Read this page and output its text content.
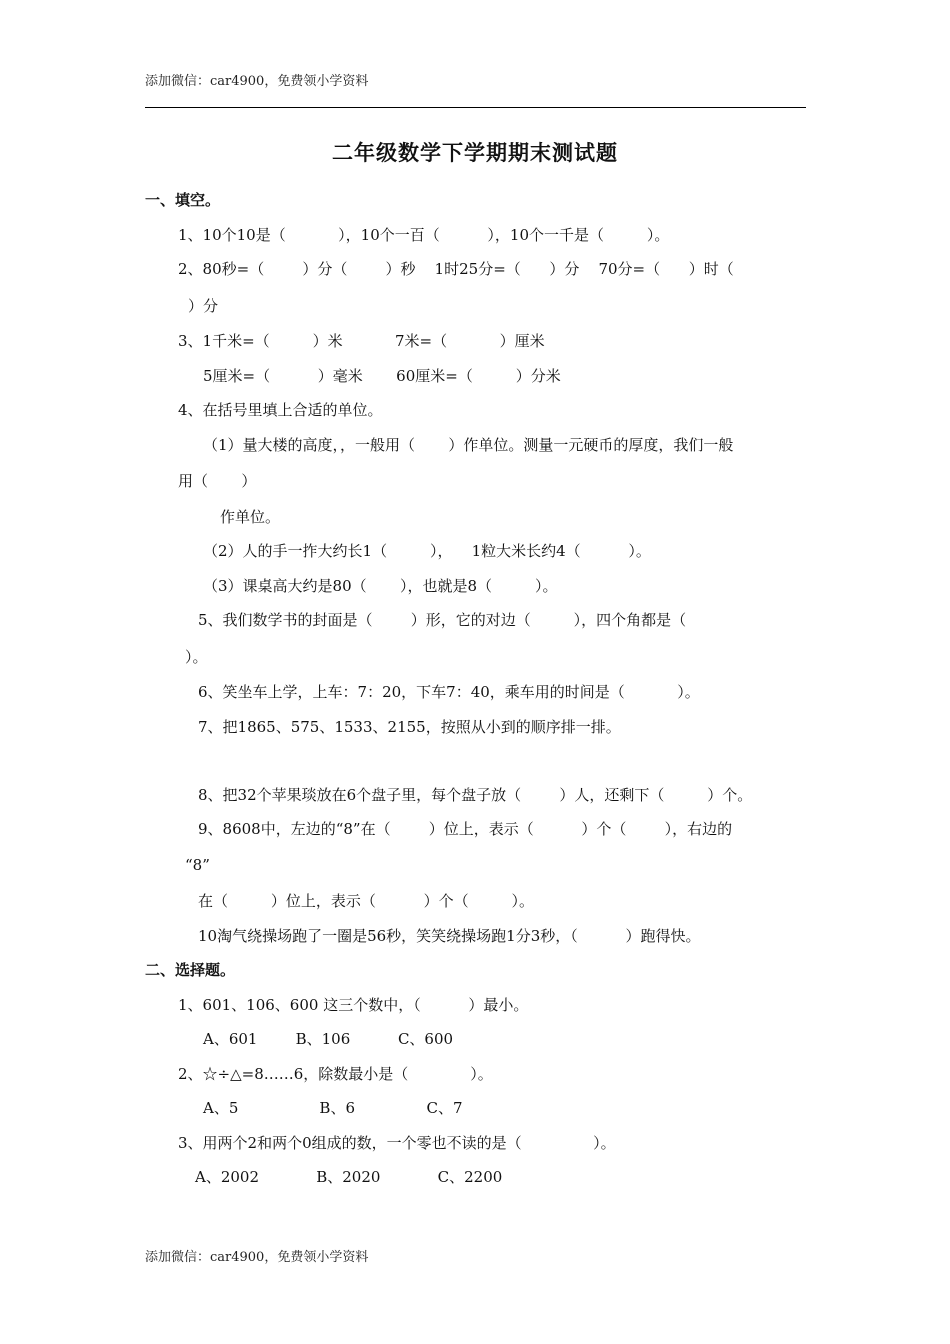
添加微信：car4900，免费领小学资料
二年级数学下学期期末测试题
一、填空。
1、10个10是（           ），10个一百（          ），10个一千是（         ）。
2、80秒=（        ）分（        ）秒    1时25分=（      ）分    70分=（      ）时（
）分
3、1千米=（         ）米           7米=（           ）厘米
5厘米=（          ）毫米       60厘米=（         ）分米
4、在括号里填上合适的单位。
（1）量大楼的高度，，一般用（       ）作单位。测量一元硬币的厚度，我们一般
用（       ）
作单位。
（2）人的手一拃大约长1（         ），    1粒大米长约4（          ）。
（3）课桌高大约是80（       ），也就是8（         ）。
5、我们数学书的封面是（        ）形，它的对边（         ），四个角都是（
）。
6、笑坐车上学，上车：7：20，下车7：40，乘车用的时间是（           ）。
7、把1865、575、1533、2155，按照从小到的顺序排一排。
8、把32个苹果琰放在6个盘子里，每个盘子放（        ）人，还剩下（         ）个。
9、8608中，左边的“8”在（        ）位上，表示（          ）个（        ），右边的
“8”
在（         ）位上，表示（          ）个（         ）。
10淘气绕操场跑了一圈是56秒，笑笑绕操场跑1分3秒，（          ）跑得快。
二、选择题。
1、601、106、600 这三个数中，（          ）最小。
A、601        B、106          C、600
2、☆÷△=8……6，除数最小是（             ）。
A、5                 B、6               C、7
3、用两个2和两个0组成的数，一个零也不读的是（               ）。
A、2002            B、2020            C、2200
添加微信：car4900，免费领小学资料
